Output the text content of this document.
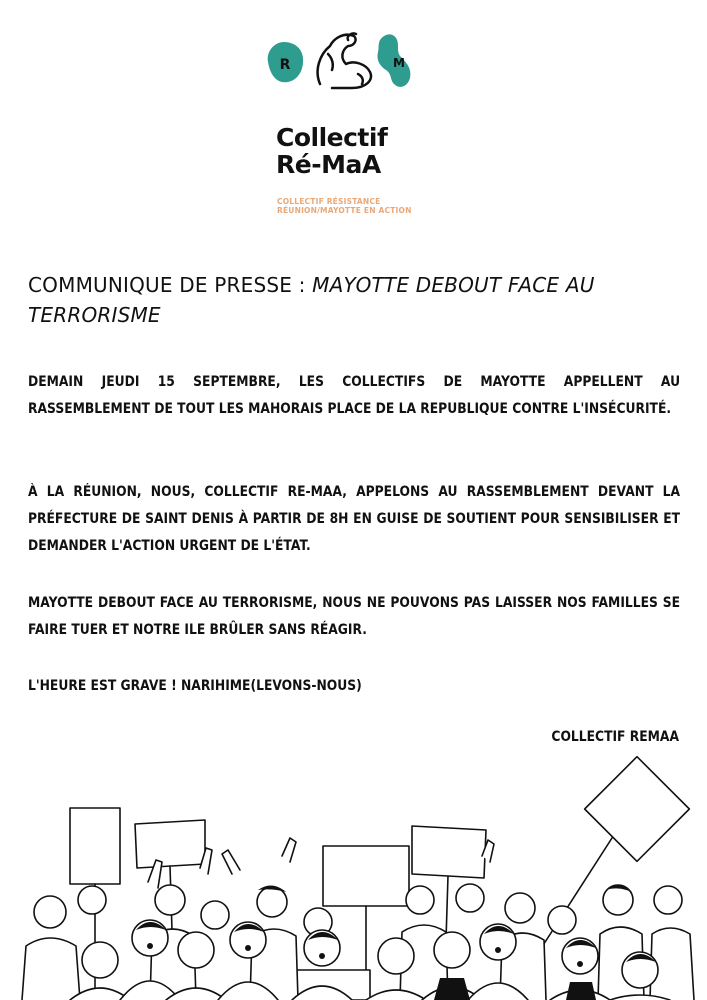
R	M
Collectif
Ré-MaA

COLLECTIF RÉSISTANCE RÉUNION/MAYOTTE EN ACTION

COMMUNIQUE DE PRESSE : MAYOTTE DEBOUT FACE AU TERRORISME

DEMAIN JEUDI 15 SEPTEMBRE, LES COLLECTIFS DE MAYOTTE APPELLENT AU RASSEMBLEMENT DE TOUT LES MAHORAIS PLACE DE LA REPUBLIQUE CONTRE L'INSÉCURITÉ.

À LA RÉUNION, NOUS, COLLECTIF RE-MAA, APPELONS AU RASSEMBLEMENT DEVANT LA PRÉFECTURE DE SAINT DENIS À PARTIR DE 8H EN GUISE DE SOUTIENT POUR SENSIBILISER ET DEMANDER L'ACTION URGENT DE L'ÉTAT.

MAYOTTE DEBOUT FACE AU TERRORISME, NOUS NE POUVONS PAS LAISSER NOS FAMILLES SE FAIRE TUER ET NOTRE ILE BRÛLER SANS RÉAGIR.

L'HEURE EST GRAVE ! NARIHIME(LEVONS-NOUS)

COLLECTIF REMAA
